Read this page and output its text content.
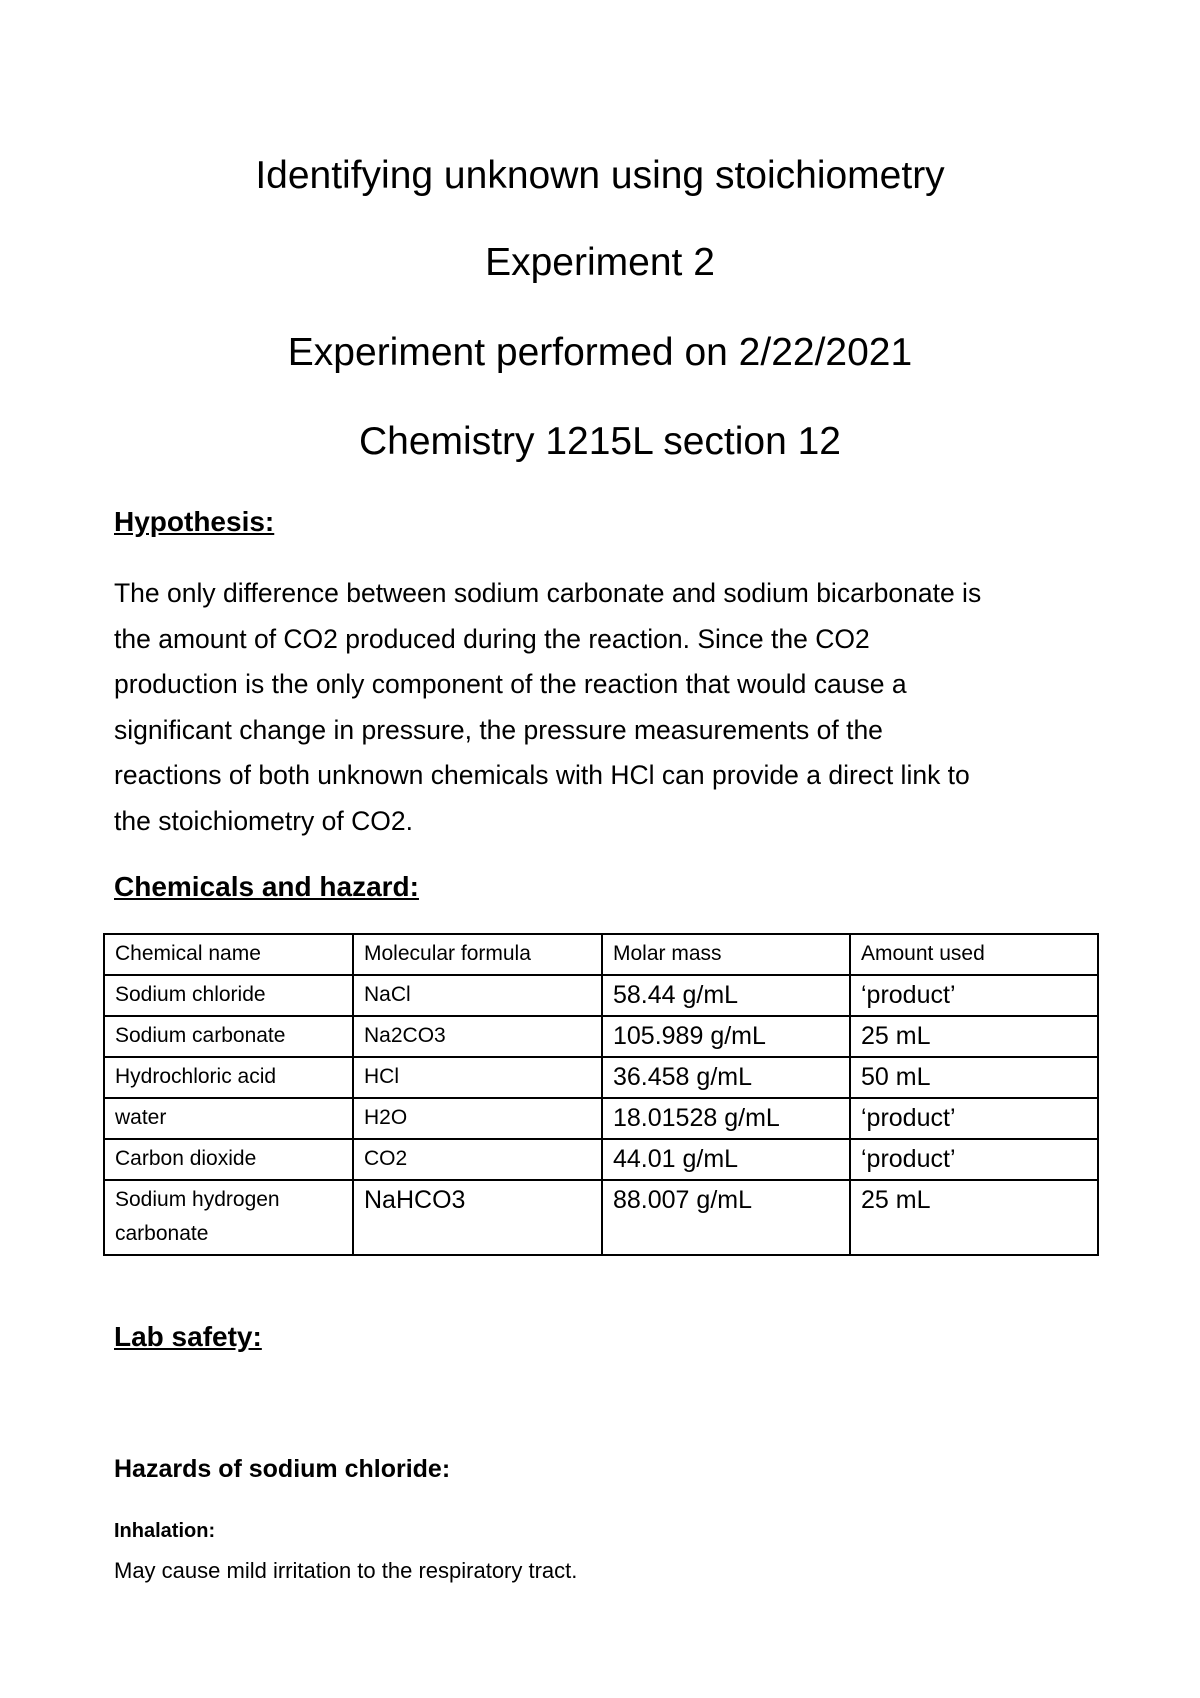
Identifying unknown using stoichiometry
Experiment 2
Experiment performed on 2/22/2021
Chemistry 1215L section 12
Hypothesis:
The only difference between sodium carbonate and sodium bicarbonate is
the amount of CO2 produced during the reaction. Since the CO2
production is the only component of the reaction that would cause a
significant change in pressure, the pressure measurements of the
reactions of both unknown chemicals with HCl can provide a direct link to
the stoichiometry of CO2.
Chemicals and hazard:
Chemical name	Molecular formula	Molar mass	Amount used
Sodium chloride	NaCl	58.44 g/mL	‘product’
Sodium carbonate	Na2CO3	105.989 g/mL	25 mL
Hydrochloric acid	HCl	36.458 g/mL	50 mL
water	H2O	18.01528 g/mL	‘product’
Carbon dioxide	CO2	44.01 g/mL	‘product’
Sodium hydrogen carbonate	NaHCO3	88.007 g/mL	25 mL
Lab safety:
Hazards of sodium chloride:
Inhalation:
May cause mild irritation to the respiratory tract.
